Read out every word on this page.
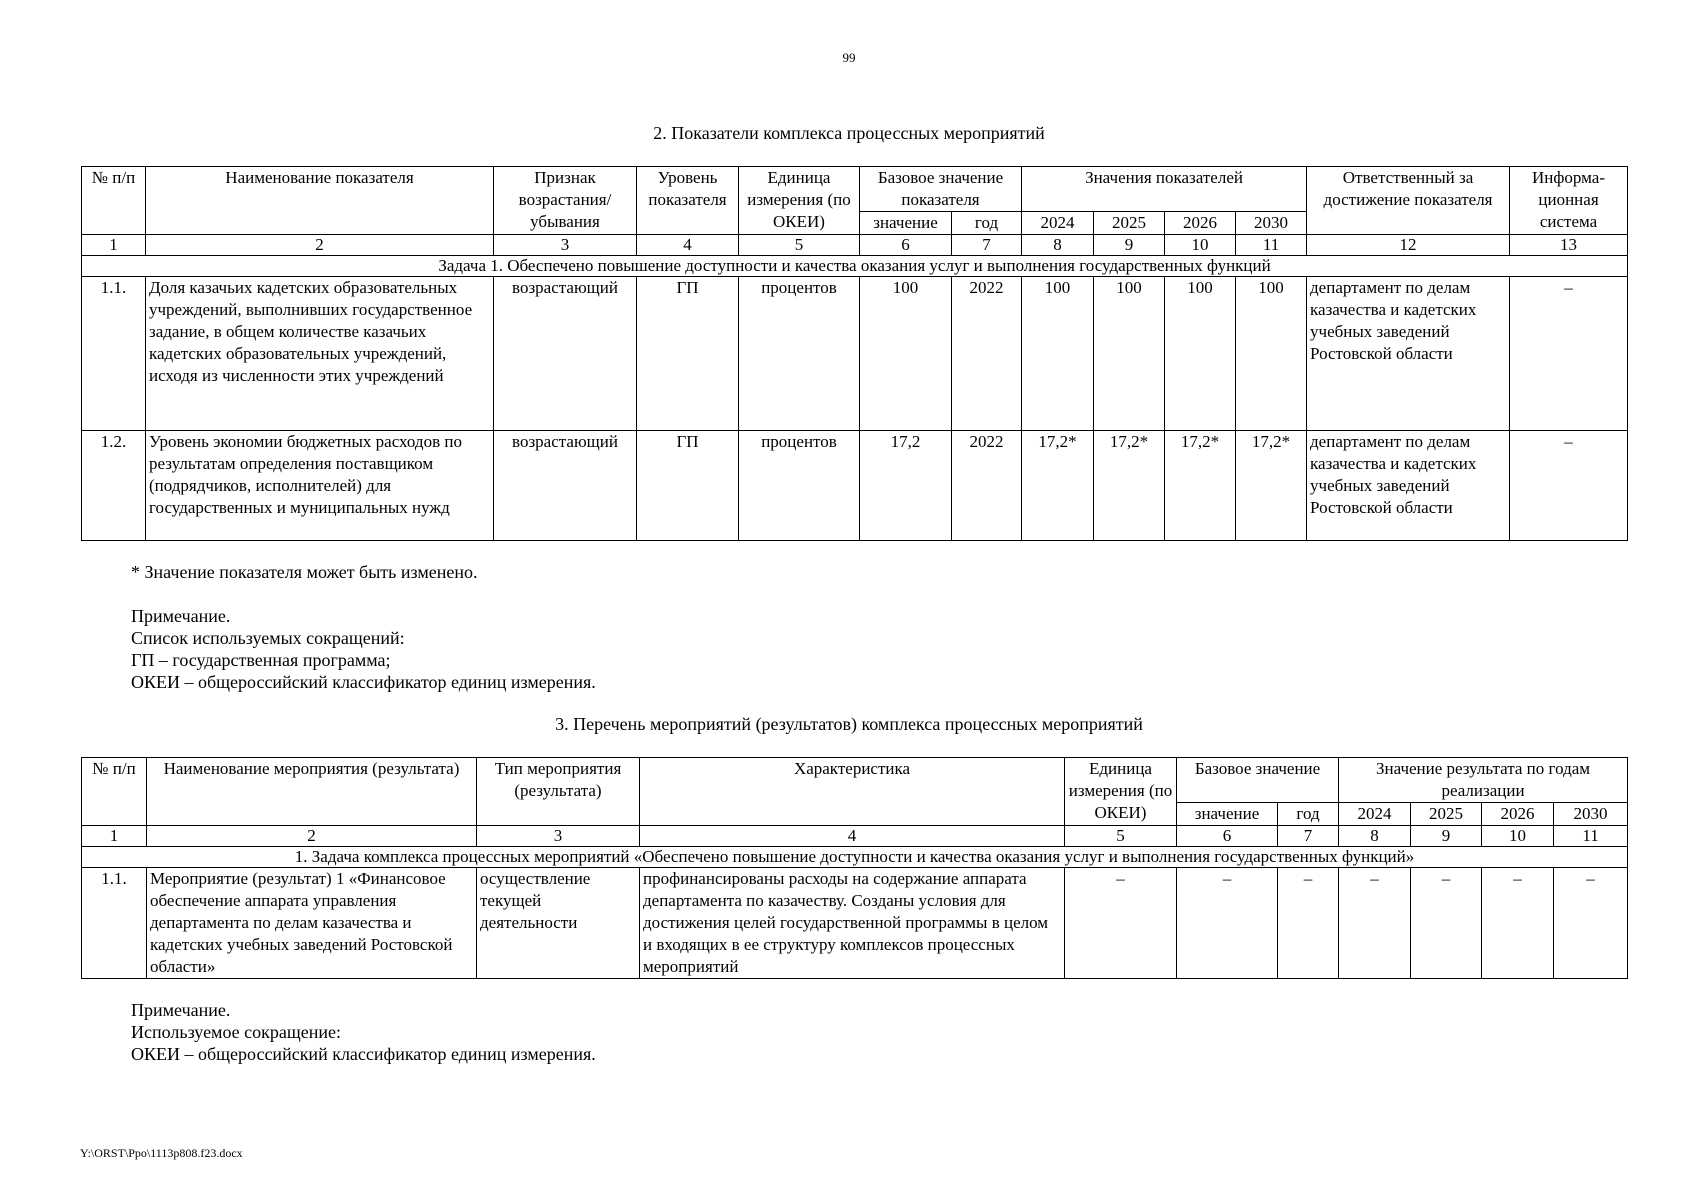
99
2. Показатели комплекса процессных мероприятий
№ п/п	Наименование показателя	Признак возрастания/ убывания	Уровень показателя	Единица измерения (по ОКЕИ)	Базовое значение показателя		Значения показателей				Ответственный за достижение показателя	Информа-ционная система

					значение	год	2024	2025	2026	2030		
1	2	3	4	5	6	7	8	9	10	11	12	13
Задача 1. Обеспечено повышение доступности и качества оказания услуг и выполнения государственных функций												
1.1.	Доля казачьих кадетских образовательных учреждений, выполнивших государственное задание, в общем количестве казачьих кадетских образовательных учреждений, исходя из численности этих учреждений	возрастающий	ГП	процентов	100	2022	100	100	100	100	департамент по делам казачества и кадетских учебных заведений Ростовской области	–
1.2.	Уровень экономии бюджетных расходов по результатам определения поставщиком (подрядчиков, исполнителей) для государственных и муниципальных нужд	возрастающий	ГП	процентов	17,2	2022	17,2*	17,2*	17,2*	17,2*	департамент по делам казачества и кадетских учебных заведений Ростовской области	–
* Значение показателя может быть изменено.
Примечание.
Список используемых сокращений:
ГП – государственная программа;
ОКЕИ – общероссийский классификатор единиц измерения.
3. Перечень мероприятий (результатов) комплекса процессных мероприятий
№ п/п	Наименование мероприятия (результата)	Тип мероприятия (результата)	Характеристика	Единица измерения (по ОКЕИ)	Базовое значение		Значение результата по годам реализации			

					значение	год	2024	2025	2026	2030
1	2	3	4	5	6	7	8	9	10	11
1. Задача комплекса процессных мероприятий «Обеспечено повышение доступности и качества оказания услуг и выполнения государственных функций»										
1.1.	Мероприятие (результат) 1 «Финансовое обеспечение аппарата управления департамента по делам казачества и кадетских учебных заведений Ростовской области»	осуществление текущей деятельности	профинансированы расходы на содержание аппарата департамента по казачеству. Созданы условия для достижения целей государственной программы в целом и входящих в ее структуру комплексов процессных мероприятий	–	–	–	–	–	–	–
Примечание.
Используемое сокращение:
ОКЕИ – общероссийский классификатор единиц измерения.
Y:\ORST\Ppo\1113p808.f23.docx
